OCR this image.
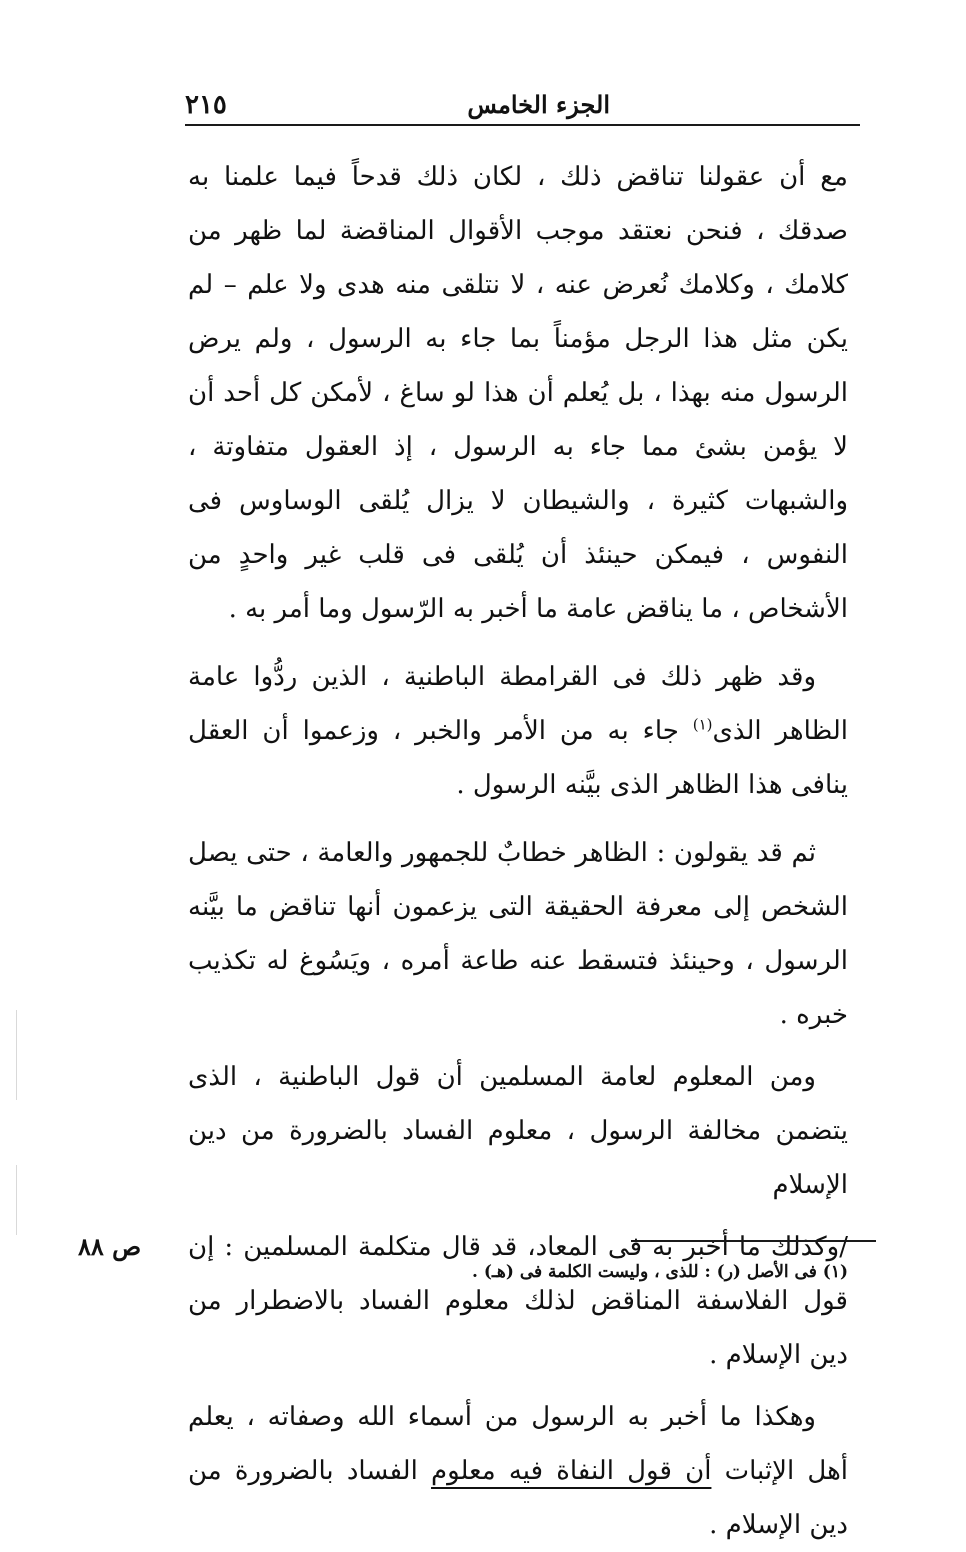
الجزء الخامس
٢١٥

مع أن عقولنا تناقض ذلك ، لكان ذلك قدحاً فيما علمنا به صدقك ، فنحن نعتقد موجب الأقوال المناقضة لما ظهر من كلامك ، وكلامك نُعرض عنه ، لا نتلقى منه هدى ولا علم – لم يكن مثل هذا الرجل مؤمناً بما جاء به الرسول ، ولم يرض الرسول منه بهذا ، بل يُعلم أن هذا لو ساغ ، لأمكن كل أحد أن لا يؤمن بشئ مما جاء به الرسول ، إذ العقول متفاوتة ، والشبهات كثيرة ، والشيطان لا يزال يُلقى الوساوس فى النفوس ، فيمكن حينئذ أن يُلقى فى قلب غير واحدٍ من الأشخاص ، ما يناقض عامة ما أخبر به الرّسول وما أمر به .

وقد ظهر ذلك فى القرامطة الباطنية ، الذين ردُّوا عامة الظاهر الذى$^{(١)}$ جاء به من الأمر والخبر ، وزعموا أن العقل ينافى هذا الظاهر الذى بيَّنه الرسول .

ثم قد يقولون : الظاهر خطابٌ للجمهور والعامة ، حتى يصل الشخص إلى معرفة الحقيقة التى يزعمون أنها تناقض ما بيَّنه الرسول ، وحينئذ فتسقط عنه طاعة أمره ، ويَسُوغ له تكذيب خبره .

ومن المعلوم لعامة المسلمين أن قول الباطنية ، الذى يتضمن مخالفة الرسول ، معلوم الفساد بالضرورة من دين الإسلام

ص ٨٨ /وكذلك ما أخبر به فى المعاد، قد قال متكلمة المسلمين : إن قول الفلاسفة المناقض لذلك معلوم الفساد بالاضطرار من دين الإسلام .

وهكذا ما أخبر به الرسول من أسماء الله وصفاته ، يعلم أهل الإثبات أن قول النفاة فيه معلوم الفساد بالضرورة من دين الإسلام .

(١) فى الأصل (ر) : للذى ، وليست الكلمة فى (هـ) .
